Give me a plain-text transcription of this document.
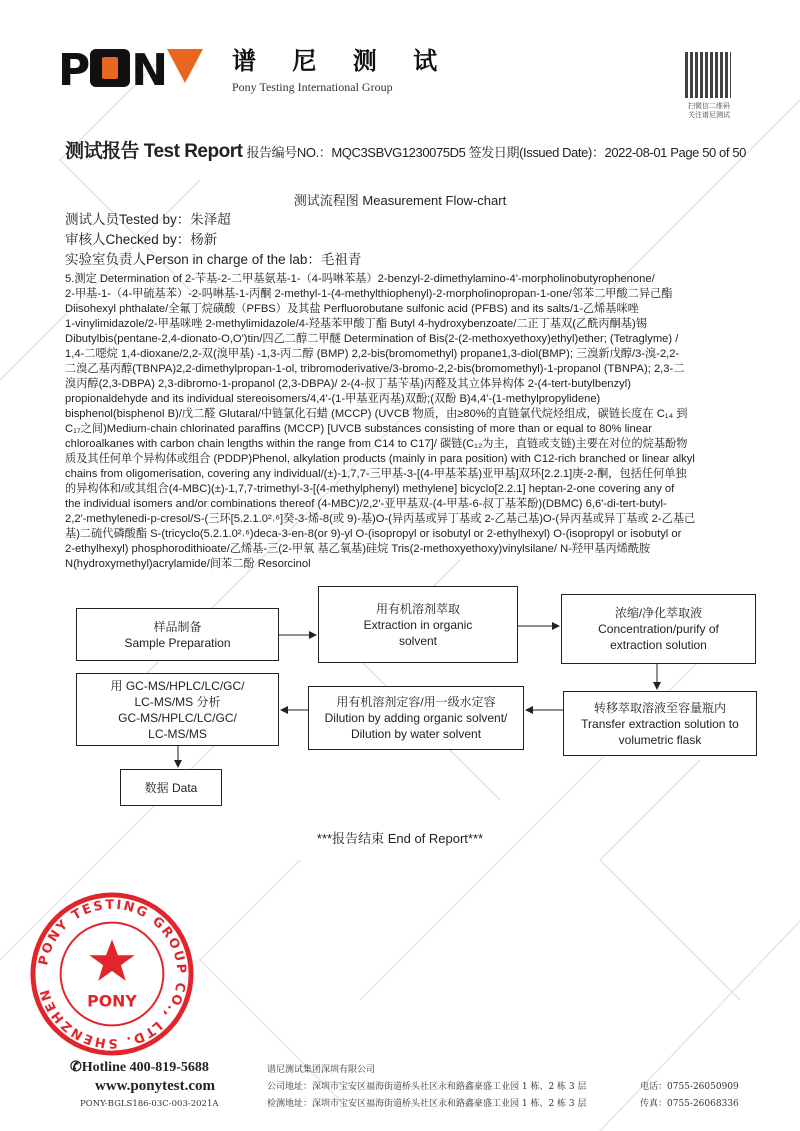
P N	谱 尼 测 试
Pony Testing International Group
扫微信二维码
关注谱尼测试
测试报告 Test Report 报告编号NO.：MQC3SBVG1230075D5 签发日期(Issued Date)：2022-08-01 Page 50 of 50
测试流程图 Measurement Flow-chart
测试人员Tested by：朱泽超
审核人Checked by：杨新
实验室负责人Person in charge of the lab：毛祖青
5.测定 Determination of 2-苄基-2-二甲基氨基-1-（4-吗啉苯基）2-benzyl-2-dimethylamino-4'-morpholinobutyrophenone/
2-甲基-1-（4-甲硫基苯）-2-吗啉基-1-丙酮 2-methyl-1-(4-methylthiophenyl)-2-morpholinopropan-1-one/邻苯二甲酸二异己酯
Diisohexyl phthalate/全氟丁烷磺酸（PFBS）及其盐 Perfluorobutane sulfonic acid (PFBS) and its salts/1-乙烯基咪唑
1-vinylimidazole/2-甲基咪唑 2-methylimidazole/4-羟基苯甲酸丁酯 Butyl 4-hydroxybenzoate/二正丁基双(乙酰丙酮基)锡
Dibutylbis(pentane-2,4-dionato-O,O')tin/四乙二醇二甲醚 Determination of Bis(2-(2-methoxyethoxy)ethyl)ether; (Tetraglyme) /
1,4-二噁烷 1,4-dioxane/2,2-双(溴甲基) -1,3-丙二醇 (BMP) 2,2-bis(bromomethyl) propane1,3-diol(BMP); 三溴新戊醇/3-溴-2,2-
二溴乙基丙醇(TBNPA)2,2-dimethylpropan-1-ol, tribromoderivative/3-bromo-2,2-bis(bromomethyl)-1-propanol (TBNPA); 2,3-二
溴丙醇(2,3-DBPA) 2,3-dibromo-1-propanol (2,3-DBPA)/ 2-(4-叔丁基苄基)丙醛及其立体异构体 2-(4-tert-butylbenzyl)
propionaldehyde and its individual stereoisomers/4,4'-(1-甲基亚丙基)双酚;(双酚 B)4,4'-(1-methylpropylidene)
bisphenol(bisphenol B)/戊二醛 Glutaral/中链氯化石蜡 (MCCP) (UVCB 物质，由≥80%的直链氯代烷烃组成，碳链长度在 C₁₄ 到
C₁₇之间)Medium-chain chlorinated paraffins (MCCP) [UVCB substances consisting of more than or equal to 80% linear
chloroalkanes with carbon chain lengths within the range from C14 to C17]/ 碳链(C₁₂为主，直链或支链)主要在对位的烷基酚物
质及其任何单个异构体或组合 (PDDP)Phenol, alkylation products (mainly in para position) with C12-rich branched or linear alkyl
chains from oligomerisation, covering any individual/(±)-1,7,7-三甲基-3-[(4-甲基苯基)亚甲基]双环[2.2.1]庚-2-酮，包括任何单独
的异构体和/或其组合(4-MBC)(±)-1,7,7-trimethyl-3-[(4-methylphenyl) methylene] bicyclo[2.2.1] heptan-2-one covering any of
the individual isomers and/or combinations thereof (4-MBC)/2,2'-亚甲基双-(4-甲基-6-叔丁基苯酚)(DBMC) 6,6'-di-tert-butyl-
2,2'-methylenedi-p-cresol/S-(三环[5.2.1.0²˒⁶]癸-3-烯-8(或 9)-基)O-(异丙基或异丁基或 2-乙基己基)O-(异丙基或异丁基或 2-乙基己
基)二硫代磷酸酯 S-(tricyclo(5.2.1.0²˒⁶)deca-3-en-8(or 9)-yl O-(isopropyl or isobutyl or 2-ethylhexyl) O-(isopropyl or isobutyl or
2-ethylhexyl) phosphorodithioate/乙烯基-三(2-甲氧 基乙氧基)硅烷 Tris(2-methoxyethoxy)vinylsilane/ N-羟甲基丙烯酰胺
N(hydroxymethyl)acrylamide/间苯二酚 Resorcinol
样品制备
Sample Preparation
用有机溶剂萃取
Extraction in organic
solvent
浓缩/净化萃取液
Concentration/purify of
extraction solution
转移萃取溶液至容量瓶内
Transfer extraction solution to
volumetric flask
用有机溶剂定容/用一级水定容
Dilution by adding organic solvent/
Dilution by water solvent
用 GC-MS/HPLC/LC/GC/
LC-MS/MS 分析
GC-MS/HPLC/LC/GC/
LC-MS/MS
数据 Data
***报告结束 End of Report***
PONY TESTING GROUP CO., LTD. SHENZHEN	PONY
✆Hotline 400-819-5688
www.ponytest.com
PONY-BGLS186-03C-003-2021A
谱尼测试集团深圳有限公司
公司地址：深圳市宝安区福海街道桥头社区永和路鑫豪盛工业园 1 栋、2 栋 3 层
检测地址：深圳市宝安区福海街道桥头社区永和路鑫豪盛工业园 1 栋、2 栋 3 层
电话：0755-26050909
传真：0755-26068336
